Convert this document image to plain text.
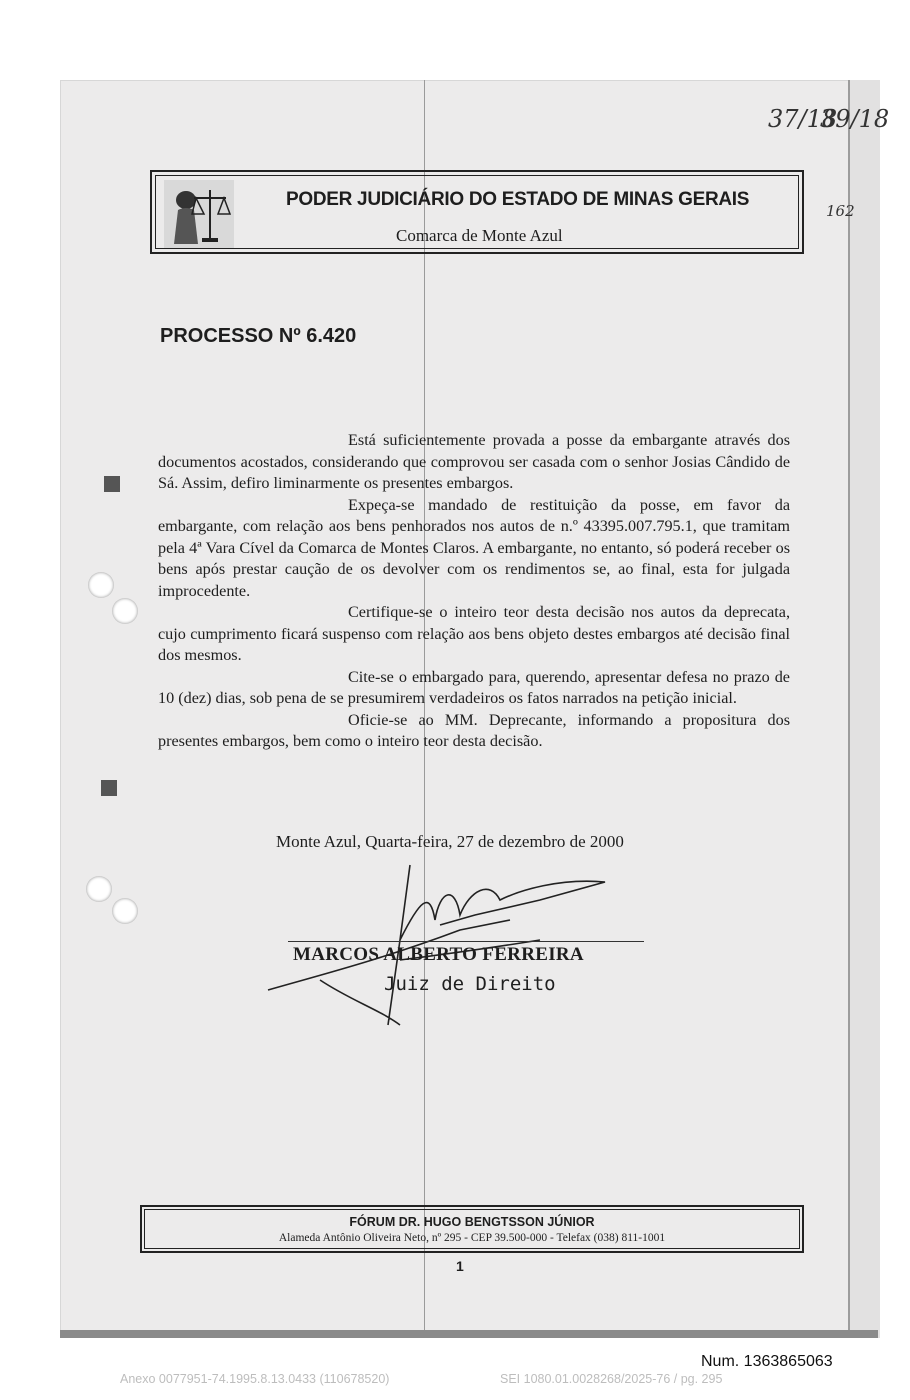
PODER JUDICIÁRIO DO ESTADO DE MINAS GERAIS
Comarca de Monte Azul
37/18
39/18
162
PROCESSO Nº 6.420

Está suficientemente provada a posse da embargante através dos documentos acostados, considerando que comprovou ser casada com o senhor Josias Cândido de Sá. Assim, defiro liminarmente os presentes embargos.

Expeça-se mandado de restituição da posse, em favor da embargante, com relação aos bens penhorados nos autos de n.º 43395.007.795.1, que tramitam pela 4ª Vara Cível da Comarca de Montes Claros. A embargante, no entanto, só poderá receber os bens após prestar caução de os devolver com os rendimentos se, ao final, esta for julgada improcedente.

Certifique-se o inteiro teor desta decisão nos autos da deprecata, cujo cumprimento ficará suspenso com relação aos bens objeto destes embargos até decisão final dos mesmos.

Cite-se o embargado para, querendo, apresentar defesa no prazo de 10 (dez) dias, sob pena de se presumirem verdadeiros os fatos narrados na petição inicial.

Oficie-se ao MM. Deprecante, informando a propositura dos presentes embargos, bem como o inteiro teor desta decisão.

Monte Azul, Quarta-feira, 27 de dezembro de 2000
MARCOS ALBERTO FERREIRA
Juiz de Direito
FÓRUM DR. HUGO BENGTSSON JÚNIOR
Alameda Antônio Oliveira Neto, nº 295 - CEP 39.500-000 - Telefax (038) 811-1001
1
Num. 1363865063
Anexo 0077951-74.1995.8.13.0433 (110678520)	SEI 1080.01.0028268/2025-76 / pg. 295
